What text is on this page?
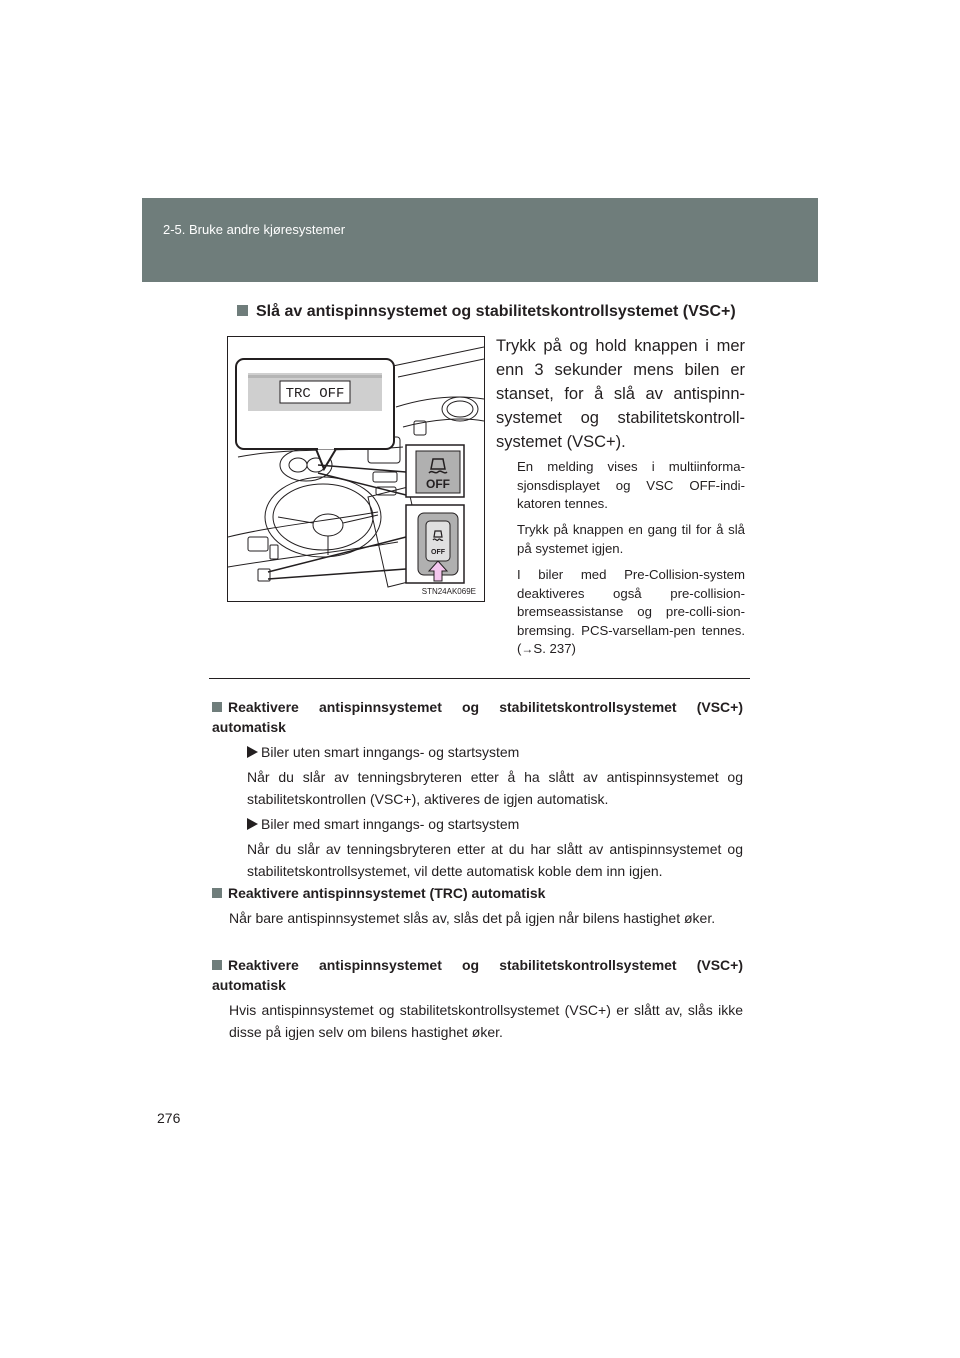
2-5. Bruke andre kjøresystemer
Slå av antispinnsystemet og stabilitetskontrollsystemet (VSC+)
TRC OFF
OFF
OFF
STN24AK069E
Trykk på og hold knappen i mer enn 3 sekunder mens bilen er stanset, for å slå av antispinn-systemet og stabilitetskontroll-systemet (VSC+).
En melding vises i multiinforma-sjonsdisplayet og VSC OFF-indi-katoren tennes.
Trykk på knappen en gang til for å slå på systemet igjen.
I biler med Pre-Collision-system deaktiveres også pre-collision-bremseassistanse og pre-colli-sion-bremsing. PCS-varsellam-pen tennes. (→S. 237)
Reaktivere antispinnsystemet og stabilitetskontrollsystemet (VSC+) automatisk
Biler uten smart inngangs- og startsystem
Når du slår av tenningsbryteren etter å ha slått av antispinnsystemet og stabilitetskontrollen (VSC+), aktiveres de igjen automatisk.
Biler med smart inngangs- og startsystem
Når du slår av tenningsbryteren etter at du har slått av antispinnsystemet og stabilitetskontrollsystemet, vil dette automatisk koble dem inn igjen.
Reaktivere antispinnsystemet (TRC) automatisk
Når bare antispinnsystemet slås av, slås det på igjen når bilens hastighet øker.
Reaktivere antispinnsystemet og stabilitetskontrollsystemet (VSC+) automatisk
Hvis antispinnsystemet og stabilitetskontrollsystemet (VSC+) er slått av, slås ikke disse på igjen selv om bilens hastighet øker.
276
